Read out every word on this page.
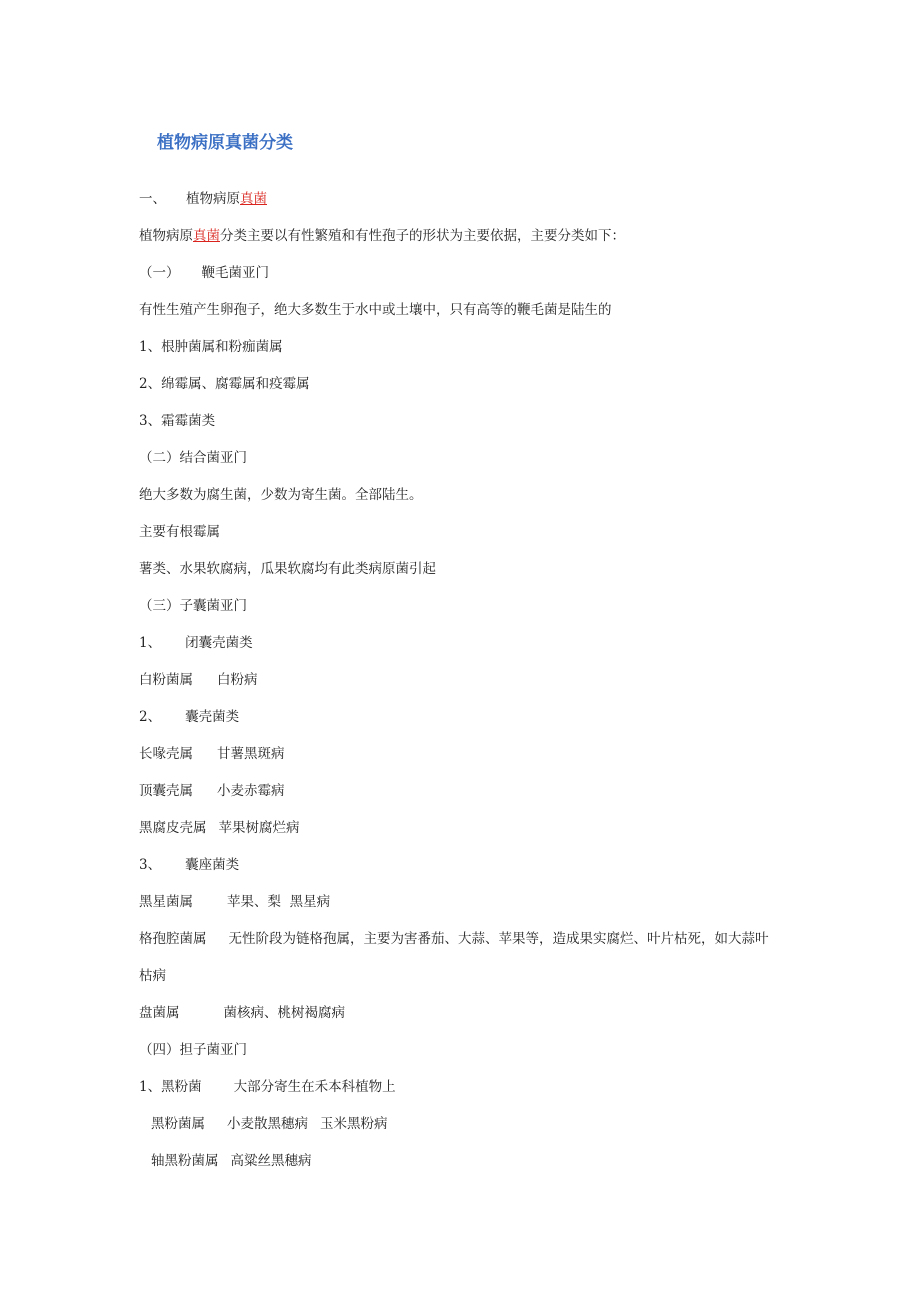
植物病原真菌分类
一、 植物病原真菌
植物病原真菌分类主要以有性繁殖和有性孢子的形状为主要依据，主要分类如下：
（一） 鞭毛菌亚门
有性生殖产生卵孢子，绝大多数生于水中或土壤中，只有高等的鞭毛菌是陆生的
1、根肿菌属和粉痂菌属
2、绵霉属、腐霉属和疫霉属
3、霜霉菌类
（二）结合菌亚门
绝大多数为腐生菌，少数为寄生菌。全部陆生。
主要有根霉属
薯类、水果软腐病，瓜果软腐均有此类病原菌引起
（三）子囊菌亚门
1、 闭囊壳菌类
白粉菌属 白粉病
2、 囊壳菌类
长喙壳属 甘薯黑斑病
顶囊壳属 小麦赤霉病
黑腐皮壳属 苹果树腐烂病
3、 囊座菌类
黑星菌属	苹果、梨  黑星病
格孢腔菌属 无性阶段为链格孢属，主要为害番茄、大蒜、苹果等，造成果实腐烂、叶片枯死，如大蒜叶
枯病
盘菌属	菌核病、桃树褐腐病
（四）担子菌亚门
1、黑粉菌 大部分寄生在禾本科植物上
黑粉菌属 小麦散黑穗病 玉米黑粉病
轴黑粉菌属 高粱丝黑穗病
